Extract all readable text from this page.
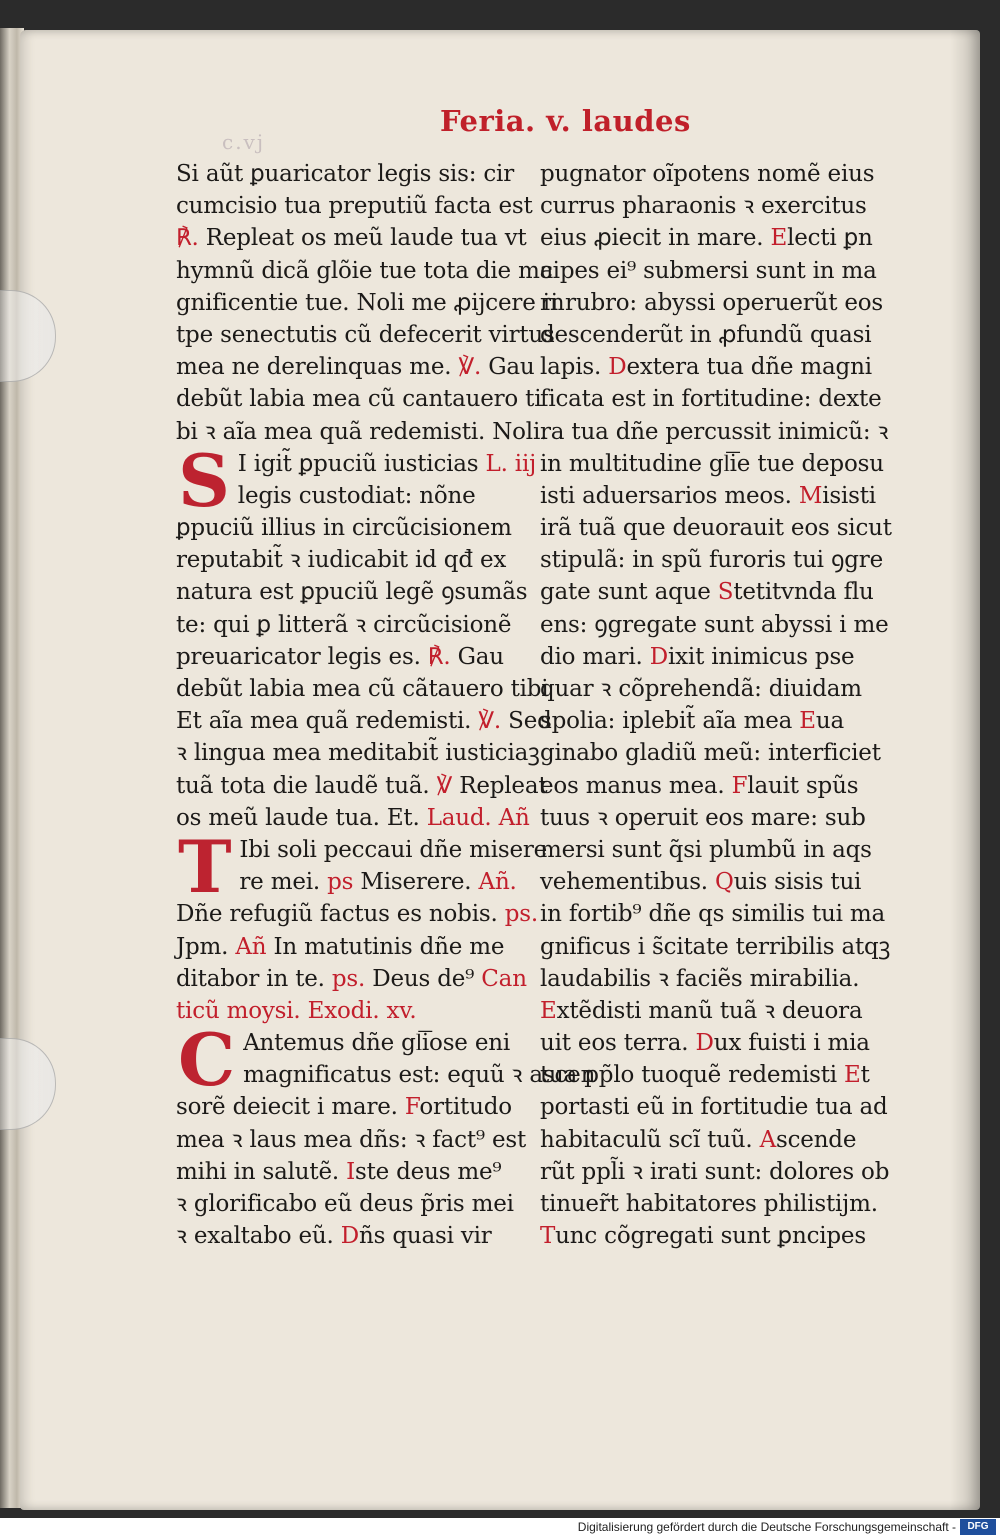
c.vj
Feria. v. laudes
Si aũt ꝑuaricator legis sis: cir
cumcisio tua preputiũ facta est
℟. Repleat os meũ laude tua vt
hymnũ dicã glõie tue tota die ma
gnificentie tue. Noli me ꝓijcere in
tpe senectutis cũ defecerit virtus
mea ne derelinquas me. ℣. Gau
debũt labia mea cũ cantauero ti
bi ꝛ aĩa mea quã redemisti. Noli.
S I igit̃ ꝑpuciũ iusticias L. iij
legis custodiat: nõne
ꝑpuciũ illius in circũcisionem
reputabit̃ ꝛ iudicabit id qđ ex
natura est ꝑpuciũ legẽ ꝯsumãs
te: qui ꝑ litterã ꝛ circũcisionẽ
preuaricator legis es. ℟. Gau
debũt labia mea cũ cãtauero tibi
Et aĩa mea quã redemisti. ℣. Sed
ꝛ lingua mea meditabit̃ iusticiaꝫ
tuã tota die laudẽ tuã. ℣ Repleat
os meũ laude tua. Et. Laud. Añ
T Ibi soli peccaui dñe misere
re mei. ps Miserere. Añ.
Dñe refugiũ factus es nobis. ps.
Jpm. Añ In matutinis dñe me
ditabor in te. ps. Deus de⁹ Can
ticũ moysi. Exodi. xv.
C Antemus dñe gl͞iose eni
magnificatus est: equũ ꝛ ascen
sorẽ deiecit i mare. Fortitudo
mea ꝛ laus mea dñs: ꝛ fact⁹ est
mihi in salutẽ. Iste deus me⁹
ꝛ glorificabo eũ deus p̃ris mei
ꝛ exaltabo eũ. Dñs quasi vir
pugnator oĩpotens nomẽ eius
currus pharaonis ꝛ exercitus
eius ꝓiecit in mare. Electi ꝑn
cipes ei⁹ submersi sunt in ma
ri rubro: abyssi operuerũt eos
descenderũt in ꝓfundũ quasi
lapis. Dextera tua dñe magni
ficata est in fortitudine: dexte
ra tua dñe percussit inimicũ: ꝛ
in multitudine gl͞ie tue deposu
isti aduersarios meos. Misisti
irã tuã que deuorauit eos sicut
stipulã: in spũ furoris tui ꝯgre
gate sunt aque Stetitvnda flu
ens: ꝯgregate sunt abyssi i me
dio mari. Dixit inimicus pse
quar ꝛ cõprehendã: diuidam
spolia: iplebit̃ aĩa mea Eua
ginabo gladiũ meũ: interficiet
eos manus mea. Flauit spũs
tuus ꝛ operuit eos mare: sub
mersi sunt q̃si plumbũ in aqs
vehementibus. Quis sisis tui
in fortib⁹ dñe qs similis tui ma
gnificus i s̃citate terribilis atqꝫ
laudabilis ꝛ faciẽs mirabilia.
Extẽdisti manũ tuã ꝛ deuora
uit eos terra. Dux fuisti i mia
tua pp̃lo tuoquẽ redemisti Et
portasti eũ in fortitudie tua ad
habitaculũ scĩ tuũ. Ascende
rũt ppl̃i ꝛ irati sunt: dolores ob
tinuer̃t habitatores philistijm.
Tunc cõgregati sunt ꝑncipes
Digitalisierung gefördert durch die Deutsche Forschungsgemeinschaft -	DFG
